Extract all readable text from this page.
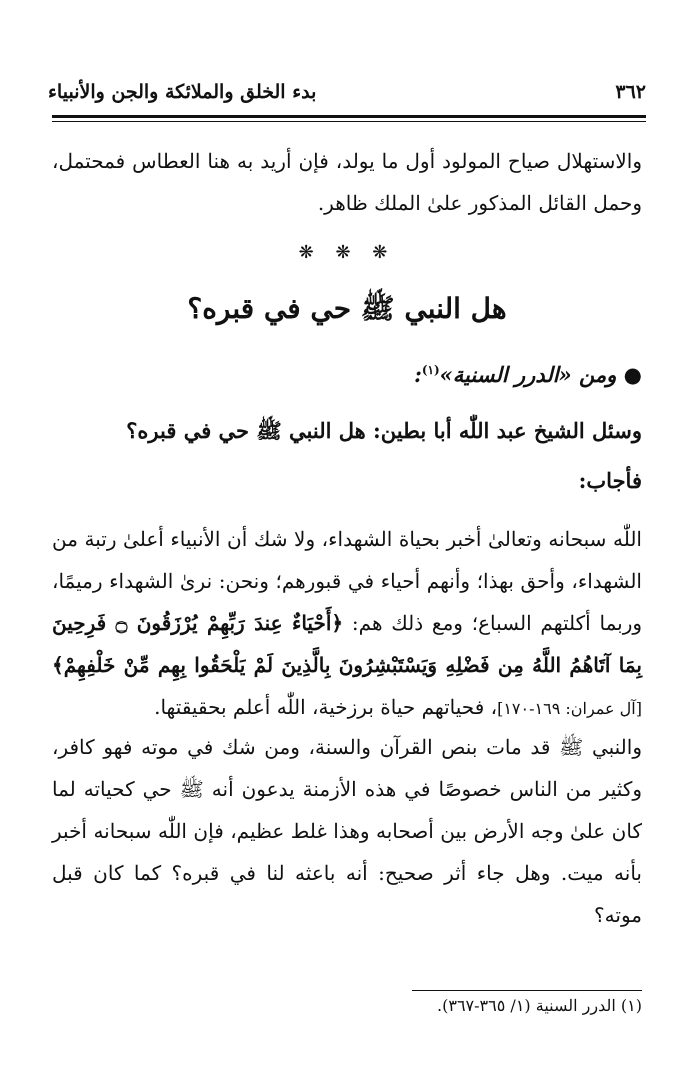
٣٦٢
بدء الخلق والملائكة والجن والأنبياء

والاستهلال صياح المولود أول ما يولد، فإن أريد به هنا العطاس فمحتمل، وحمل القائل المذكور علىٰ الملك ظاهر.

❋ ❋ ❋
هل النبي ﷺ حي في قبره؟
● ومن «الدرر السنية»$^{(١)}$:
وسئل الشيخ عبد اللّٰه أبا بطين: هل النبي ﷺ حي في قبره؟
فأجاب:

اللّٰه سبحانه وتعالىٰ أخبر بحياة الشهداء، ولا شك أن الأنبياء أعلىٰ رتبة من الشهداء، وأحق بهذا؛ وأنهم أحياء في قبورهم؛ ونحن: نرىٰ الشهداء رميمًا، وربما أكلتهم السباع؛ ومع ذلك هم: ﴿أَحْيَاءٌ عِندَ رَبِّهِمْ يُرْزَقُونَ ۝ فَرِحِينَ بِمَا آتَاهُمُ اللَّهُ مِن فَضْلِهِ وَيَسْتَبْشِرُونَ بِالَّذِينَ لَمْ يَلْحَقُوا بِهِم مِّنْ خَلْفِهِمْ﴾ [آل عمران: ١٦٩-١٧٠]، فحياتهم حياة برزخية، اللّٰه أعلم بحقيقتها.

والنبي ﷺ قد مات بنص القرآن والسنة، ومن شك في موته فهو كافر، وكثير من الناس خصوصًا في هذه الأزمنة يدعون أنه ﷺ حي كحياته لما كان علىٰ وجه الأرض بين أصحابه وهذا غلط عظيم، فإن اللّٰه سبحانه أخبر بأنه ميت. وهل جاء أثر صحيح: أنه باعثه لنا في قبره؟ كما كان قبل موته؟

(١) الدرر السنية (١/ ٣٦٥-٣٦٧).
